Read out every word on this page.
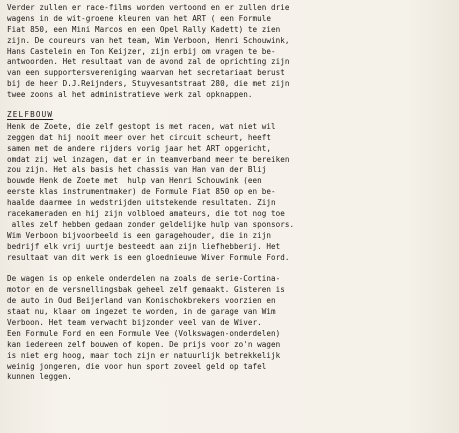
Verder zullen er race-films worden vertoond en er zullen drie
wagens in de wit-groene kleuren van het ART ( een Formule
Fiat 850, een Mini Marcos en een Opel Rally Kadett) te zien
zijn. De coureurs van het team, Wim Verboon, Henri Schouwink,
Hans Castelein en Ton Keijzer, zijn erbij om vragen te be-
antwoorden. Het resultaat van de avond zal de oprichting zijn
van een supportersvereniging waarvan het secretariaat berust
bij de heer D.J.Reijnders, Stuyvesantstraat 280, die met zijn
twee zoons al het administratieve werk zal opknappen.
ZELFBOUW
Henk de Zoete, die zelf gestopt is met racen, wat niet wil
zeggen dat hij nooit meer over het circuit scheurt, heeft
samen met de andere rijders vorig jaar het ART opgericht,
omdat zij wel inzagen, dat er in teamverband meer te bereiken
zou zijn. Het als basis het chassis van Han van der Blij
bouwde Henk de Zoete met  hulp van Henri Schouwink (een
eerste klas instrumentmaker) de Formule Fiat 850 op en be-
haalde daarmee in wedstrijden uitstekende resultaten. Zijn
racekameraden en hij zijn volbloed amateurs, die tot nog toe
alles zelf hebben gedaan zonder geldelijke hulp van sponsors.
Wim Verboon bijvoorbeeld is een garagehouder, die in zijn
bedrijf elk vrij uurtje besteedt aan zijn liefhebberij. Het
resultaat van dit werk is een gloednieuwe Wiver Formule Ford.
De wagen is op enkele onderdelen na zoals de serie-Cortina-
motor en de versnellingsbak geheel zelf gemaakt. Gisteren is
de auto in Oud Beijerland van Konischokbrekers voorzien en
staat nu, klaar om ingezet te worden, in de garage van Wim
Verboon. Het team verwacht bijzonder veel van de Wiver.
Een Formule Ford en een Formule Vee (Volkswagen-onderdelen)
kan iedereen zelf bouwen of kopen. De prijs voor zo'n wagen
is niet erg hoog, maar toch zijn er natuurlijk betrekkelijk
weinig jongeren, die voor hun sport zoveel geld op tafel
kunnen leggen.
